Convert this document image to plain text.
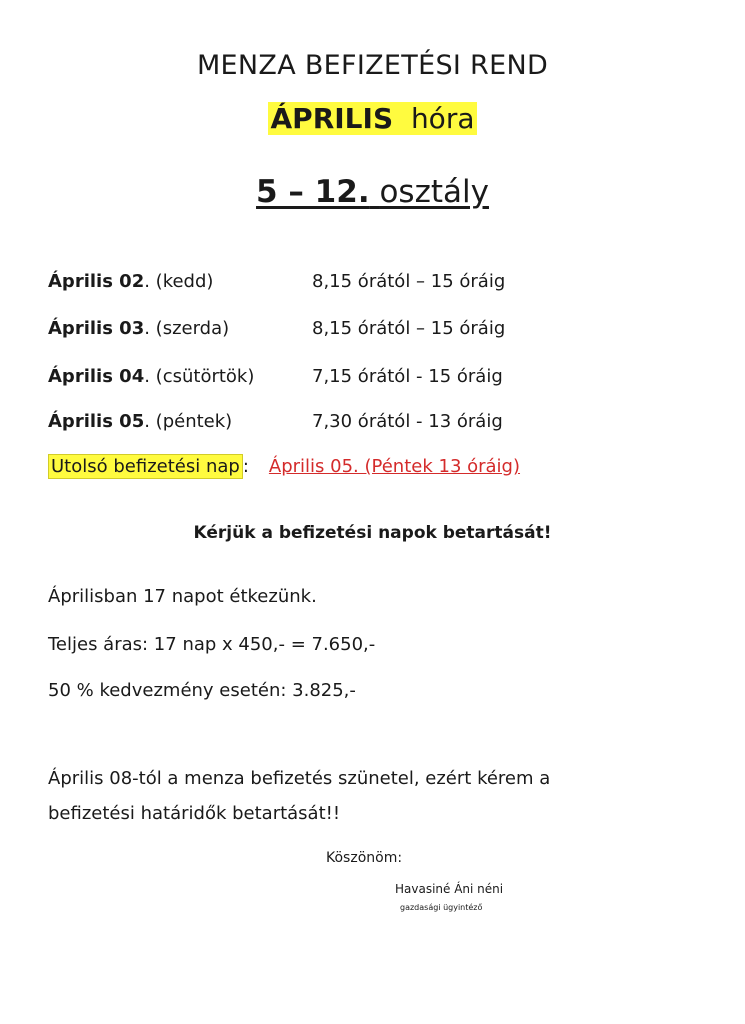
MENZA BEFIZETÉSI REND
ÁPRILIS hóra
5 – 12. osztály
Április 02. (kedd)	8,15 órától – 15 óráig
Április 03. (szerda)	8,15 órától – 15 óráig
Április 04. (csütörtök)	7,15 órától - 15 óráig
Április 05. (péntek)	7,30 órától - 13 óráig
Utolsó befizetési nap : Április 05. (Péntek 13 óráig)
Kérjük a befizetési napok betartását!
Áprilisban 17 napot étkezünk.
Teljes áras: 17 nap x 450,- = 7.650,-
50 % kedvezmény esetén: 3.825,-
Április 08-tól a menza befizetés szünetel, ezért kérem a
befizetési határidők betartását!!
Köszönöm:
Havasiné Áni néni
gazdasági ügyintéző
